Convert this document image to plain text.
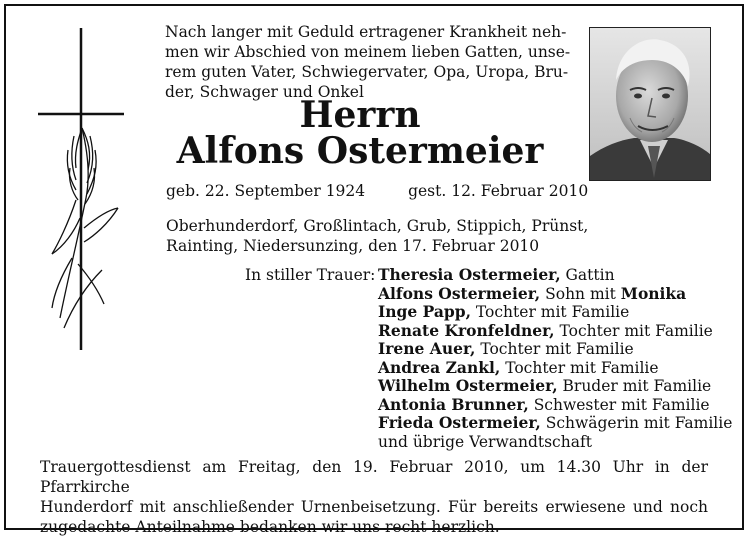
Nach langer mit Geduld ertragener Krankheit neh-
men wir Abschied von meinem lieben Gatten, unse-
rem guten Vater, Schwiegervater, Opa, Uropa, Bru-
der, Schwager und Onkel

Herrn
Alfons Ostermeier
geb. 22. September 1924	gest. 12. Februar 2010
Oberhunderdorf, Großlintach, Grub, Stippich, Prünst,
Rainting, Niedersunzing, den 17. Februar 2010
In stiller Trauer: Theresia Ostermeier, Gattin
Alfons Ostermeier, Sohn mit Monika
Inge Papp, Tochter mit Familie
Renate Kronfeldner, Tochter mit Familie
Irene Auer, Tochter mit Familie
Andrea Zankl, Tochter mit Familie
Wilhelm Ostermeier, Bruder mit Familie
Antonia Brunner, Schwester mit Familie
Frieda Ostermeier, Schwägerin mit Familie
und übrige Verwandtschaft

Trauergottesdienst am Freitag, den 19. Februar 2010, um 14.30 Uhr in der Pfarrkirche
Hunderdorf mit anschließender Urnenbeisetzung. Für bereits erwiesene und noch
zugedachte Anteilnahme bedanken wir uns recht herzlich.
